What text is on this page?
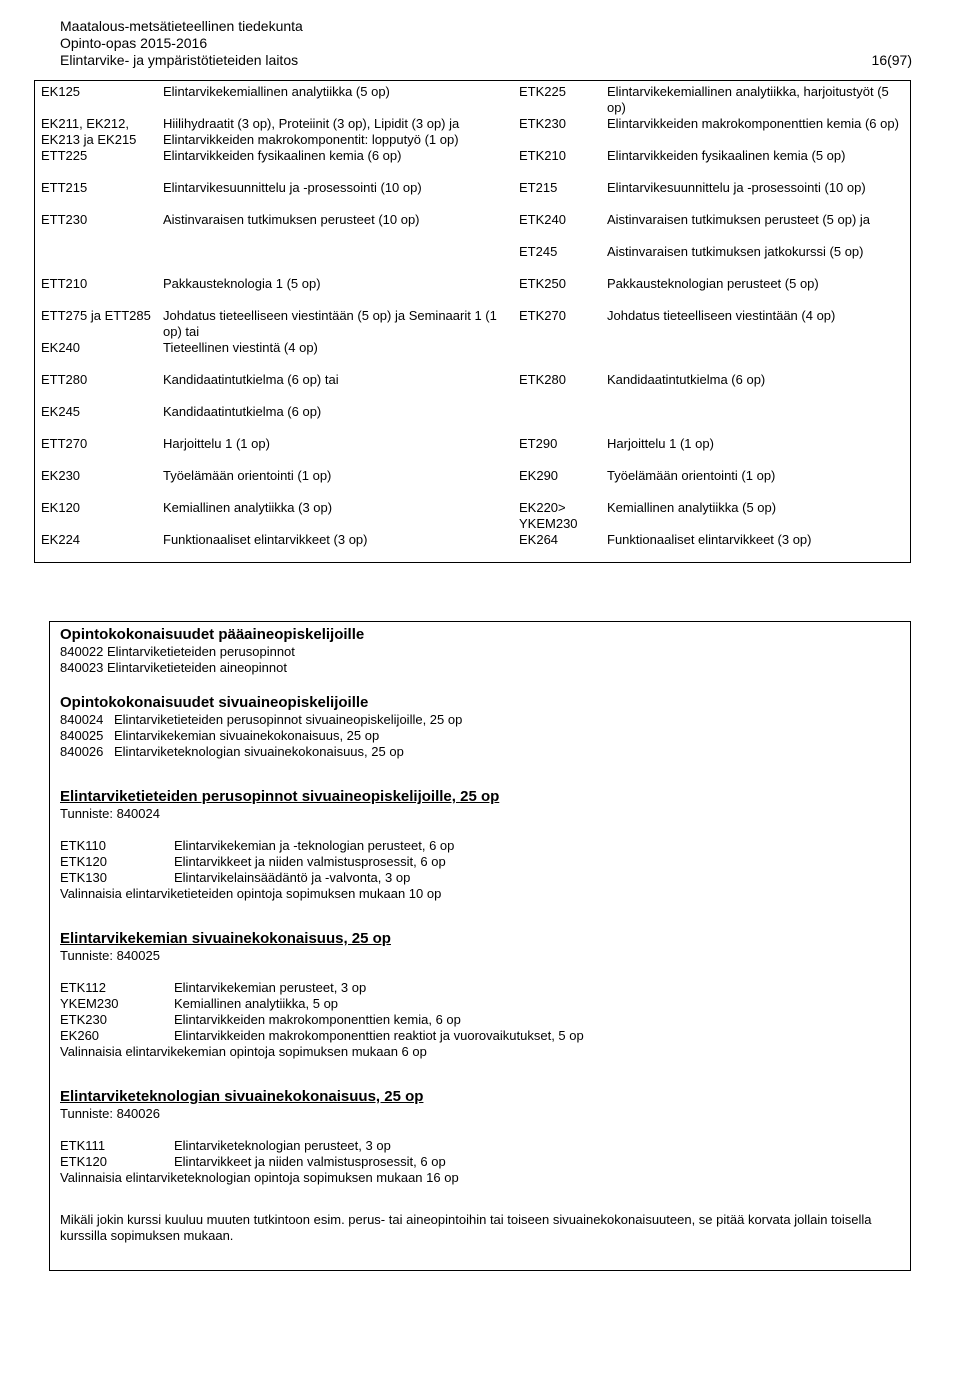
Maatalous-metsätieteellinen tiedekunta
Opinto-opas 2015-2016
Elintarvike- ja ympäristötieteiden laitos	16(97)
EK125	Elintarvikekemiallinen analytiikka (5 op)	ETK225	Elintarvikekemiallinen analytiikka, harjoitustyöt (5 op)
EK211, EK212, EK213 ja EK215	Hiilihydraatit (3 op), Proteiinit (3 op), Lipidit (3 op) ja Elintarvikkeiden makrokomponentit: lopputyö (1 op)	ETK230	Elintarvikkeiden makrokomponenttien kemia (6 op)
ETT225	Elintarvikkeiden fysikaalinen kemia (6 op)	ETK210	Elintarvikkeiden fysikaalinen kemia (5 op)
ETT215	Elintarvikesuunnittelu ja -prosessointi (10 op)	ET215	Elintarvikesuunnittelu ja -prosessointi (10 op)
ETT230	Aistinvaraisen tutkimuksen perusteet (10 op)	ETK240	Aistinvaraisen tutkimuksen perusteet (5 op) ja
		ET245	Aistinvaraisen tutkimuksen jatkokurssi (5 op)
ETT210	Pakkausteknologia 1 (5 op)	ETK250	Pakkausteknologian perusteet (5 op)
ETT275 ja ETT285	Johdatus tieteelliseen viestintään (5 op) ja Seminaarit 1 (1 op) tai	ETK270	Johdatus tieteelliseen viestintään (4 op)
EK240	Tieteellinen viestintä (4 op)		
ETT280	Kandidaatintutkielma (6 op) tai	ETK280	Kandidaatintutkielma (6 op)
EK245	Kandidaatintutkielma (6 op)		
ETT270	Harjoittelu 1 (1 op)	ET290	Harjoittelu 1 (1 op)
EK230	Työelämään orientointi (1 op)	EK290	Työelämään orientointi (1 op)
EK120	Kemiallinen analytiikka (3 op)	EK220> YKEM230	Kemiallinen analytiikka (5 op)
EK224	Funktionaaliset elintarvikkeet (3 op)	EK264	Funktionaaliset elintarvikkeet (3 op)
Opintokokonaisuudet pääaineopiskelijoille
840022 Elintarviketieteiden perusopinnot
840023 Elintarviketieteiden aineopinnot
Opintokokonaisuudet sivuaineopiskelijoille
840024 Elintarviketieteiden perusopinnot sivuaineopiskelijoille, 25 op
840025 Elintarvikekemian sivuainekokonaisuus, 25 op
840026 Elintarviketeknologian sivuainekokonaisuus, 25 op
Elintarviketieteiden perusopinnot sivuaineopiskelijoille, 25 op
Tunniste: 840024
ETK110	Elintarvikekemian ja -teknologian perusteet, 6 op
ETK120	Elintarvikkeet ja niiden valmistusprosessit, 6 op
ETK130	Elintarvikelainsäädäntö ja -valvonta, 3 op
Valinnaisia elintarviketieteiden opintoja sopimuksen mukaan 10 op
Elintarvikekemian sivuainekokonaisuus, 25 op
Tunniste: 840025
ETK112	Elintarvikekemian perusteet, 3 op
YKEM230	Kemiallinen analytiikka, 5 op
ETK230	Elintarvikkeiden makrokomponenttien kemia, 6 op
EK260	Elintarvikkeiden makrokomponenttien reaktiot ja vuorovaikutukset, 5 op
Valinnaisia elintarvikekemian opintoja sopimuksen mukaan 6 op
Elintarviketeknologian sivuainekokonaisuus, 25 op
Tunniste: 840026
ETK111	Elintarviketeknologian perusteet, 3 op
ETK120	Elintarvikkeet ja niiden valmistusprosessit, 6 op
Valinnaisia elintarviketeknologian opintoja sopimuksen mukaan 16 op
Mikäli jokin kurssi kuuluu muuten tutkintoon esim. perus- tai aineopintoihin tai toiseen sivuainekokonaisuuteen, se pitää korvata jollain toisella kurssilla sopimuksen mukaan.
